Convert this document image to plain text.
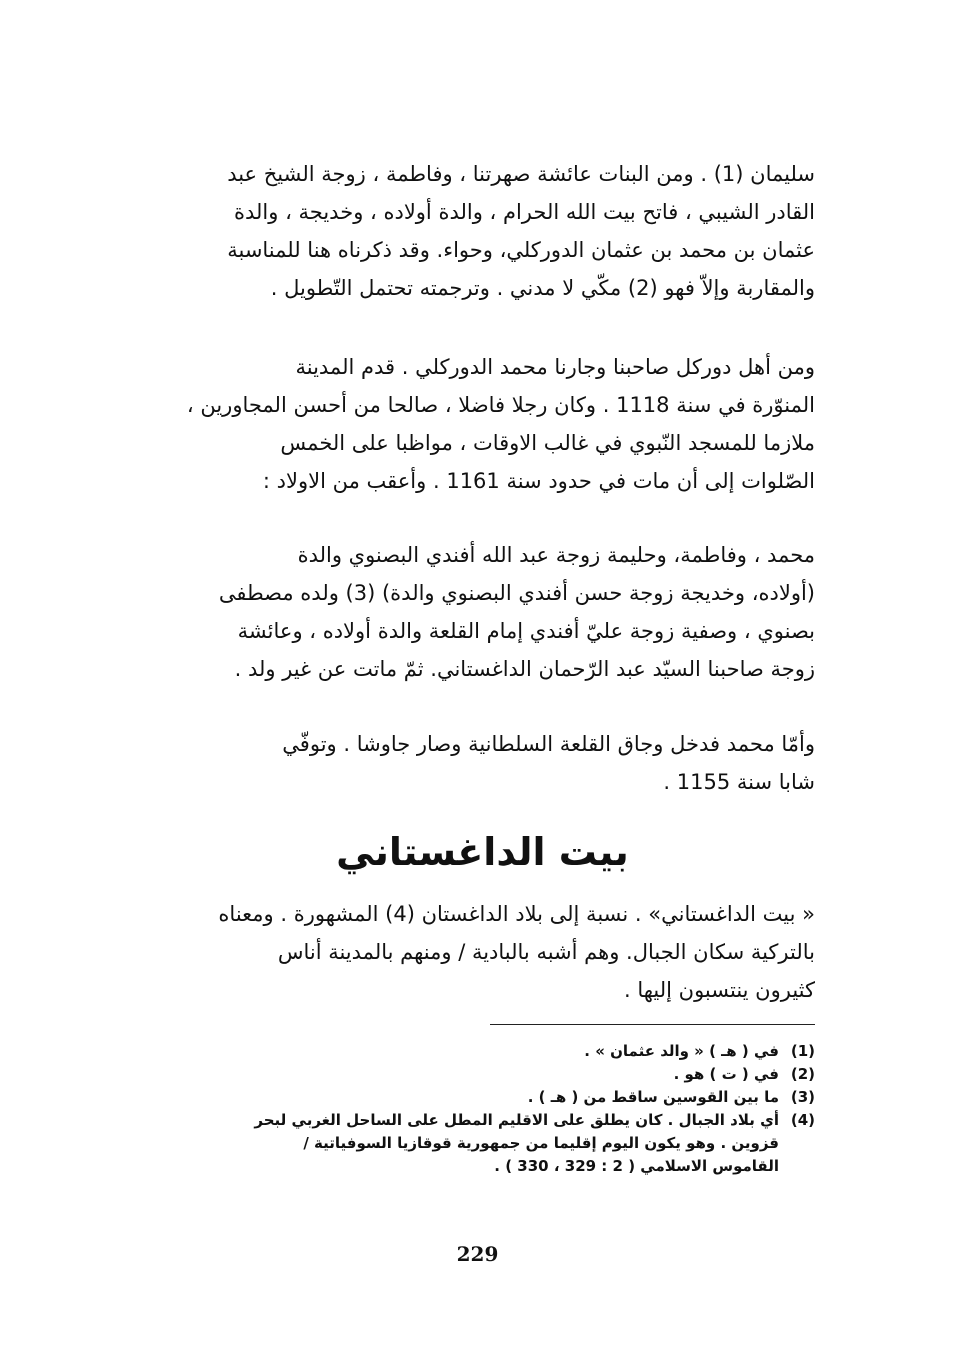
سليمان (1) . ومن البنات عائشة صهرتنا ، وفاطمة ، زوجة الشيخ عبد
القادر الشيبي ، فاتح بيت الله الحرام ، والدة أولاده ، وخديجة ، والدة
عثمان بن محمد بن عثمان الدوركلي، وحواء. وقد ذكرناه هنا للمناسبة
والمقاربة وإلاّ فهو (2) مكّي لا مدني . وترجمته تحتمل التّطويل .
ومن أهل دوركل صاحبنا وجارنا محمد الدوركلي . قدم المدينة
المنوّرة في سنة 1118 . وكان رجلا فاضلا ، صالحا من أحسن المجاورين ،
ملازما للمسجد النّبوي في غالب الاوقات ، مواظبا على الخمس
الصّلوات إلى أن مات في حدود سنة 1161 . وأعقب من الاولاد :
محمد ، وفاطمة، وحليمة زوجة عبد الله أفندي البصنوي والدة
(أولاده، وخديجة زوجة حسن أفندي البصنوي والدة) (3) ولده مصطفى
بصنوي ، وصفية زوجة عليّ أفندي إمام القلعة والدة أولاده ، وعائشة
زوجة صاحبنا السيّد عبد الرّحمان الداغستاني. ثمّ ماتت عن غير ولد .
وأمّا محمد فدخل وجاق القلعة السلطانية وصار جاوشا . وتوفّي
شابا سنة 1155 .
بيت الداغستاني
« بيت الداغستاني» . نسبة إلى بلاد الداغستان (4) المشهورة . ومعناه
بالتركية سكان الجبال. وهم أشبه بالبادية / ومنهم بالمدينة أناس
كثيرون ينتسبون إليها .
(1)
في ( هـ ) « والد عثمان » .
(2)
في ( ت ) هو .
(3)
ما بين القوسين ساقط من ( هـ ) .
(4)
أي بلاد الجبال . كان يطلق على الاقليم المطل على الساحل الغربي لبحر
قزوين . وهو يكون اليوم إقليما من جمهورية قوقازيا السوفياتية /
القاموس الاسلامي ( 2 : 329 ، 330 ) .
229
